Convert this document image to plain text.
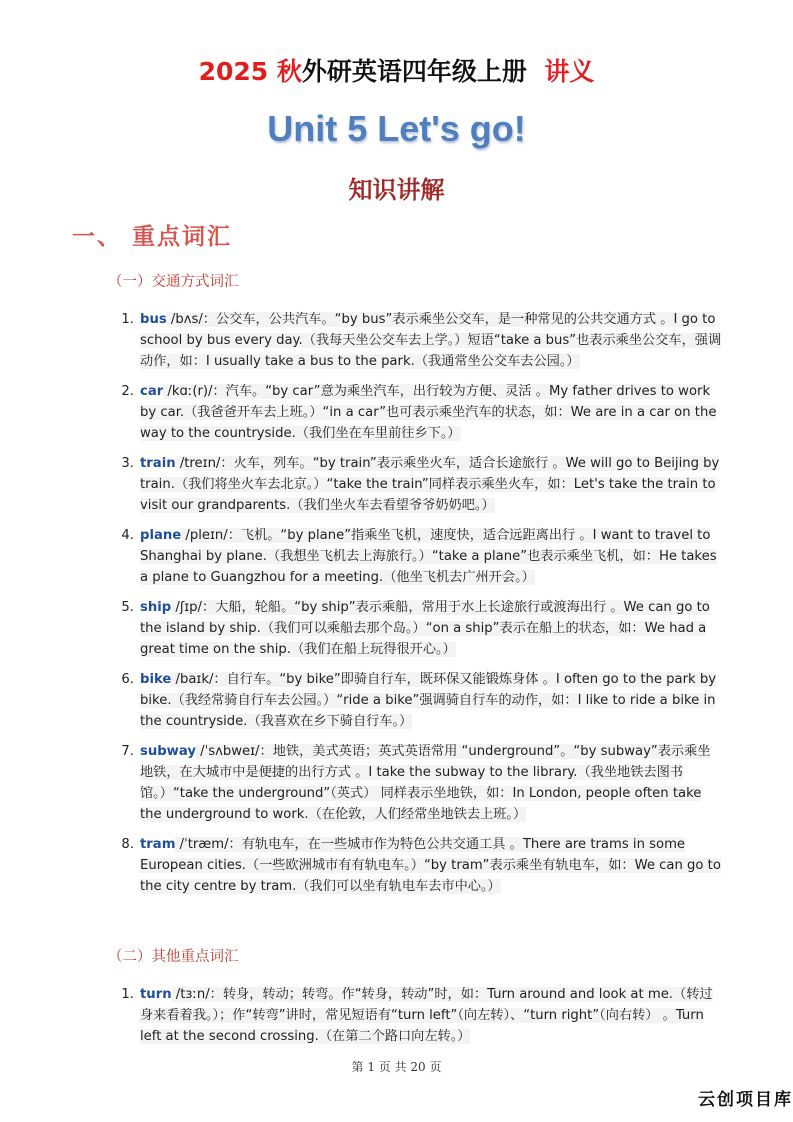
2025 秋外研英语四年级上册 讲义
Unit 5 Let's go!
知识讲解
一、 重点词汇
（一）交通方式词汇
1. bus /bʌs/：公交车，公共汽车。“by bus”表示乘坐公交车，是一种常见的公共交通方式 。I go to school by bus every day.（我每天坐公交车去上学。）短语“take a bus”也表示乘坐公交车，强调动作，如：I usually take a bus to the park.（我通常坐公交车去公园。）
2. car /kɑː(r)/：汽车。“by car”意为乘坐汽车，出行较为方便、灵活 。My father drives to work by car.（我爸爸开车去上班。）“in a car”也可表示乘坐汽车的状态，如：We are in a car on the way to the countryside.（我们坐在车里前往乡下。）
3. train /treɪn/：火车，列车。“by train”表示乘坐火车，适合长途旅行 。We will go to Beijing by train.（我们将坐火车去北京。）“take the train”同样表示乘坐火车，如：Let's take the train to visit our grandparents.（我们坐火车去看望爷爷奶奶吧。）
4. plane /pleɪn/：飞机。“by plane”指乘坐飞机，速度快，适合远距离出行 。I want to travel to Shanghai by plane.（我想坐飞机去上海旅行。）“take a plane”也表示乘坐飞机，如：He takes a plane to Guangzhou for a meeting.（他坐飞机去广州开会。）
5. ship /ʃɪp/：大船，轮船。“by ship”表示乘船，常用于水上长途旅行或渡海出行 。We can go to the island by ship.（我们可以乘船去那个岛。）“on a ship”表示在船上的状态，如：We had a great time on the ship.（我们在船上玩得很开心。）
6. bike /baɪk/：自行车。“by bike”即骑自行车，既环保又能锻炼身体 。I often go to the park by bike.（我经常骑自行车去公园。）“ride a bike”强调骑自行车的动作，如：I like to ride a bike in the countryside.（我喜欢在乡下骑自行车。）
7. subway /ˈsʌbweɪ/：地铁，美式英语；英式英语常用 “underground”。“by subway”表示乘坐地铁，在大城市中是便捷的出行方式 。I take the subway to the library.（我坐地铁去图书馆。）“take the underground”（英式） 同样表示坐地铁，如：In London, people often take the underground to work.（在伦敦，人们经常坐地铁去上班。）
8. tram /ˈtræm/：有轨电车，在一些城市作为特色公共交通工具 。There are trams in some European cities.（一些欧洲城市有有轨电车。）“by tram”表示乘坐有轨电车，如：We can go to the city centre by tram.（我们可以坐有轨电车去市中心。）
（二）其他重点词汇
1. turn /tɜːn/：转身，转动；转弯。作“转身，转动”时，如：Turn around and look at me.（转过身来看着我。）；作“转弯”讲时，常见短语有“turn left”（向左转）、“turn right”（向右转） 。Turn left at the second crossing.（在第二个路口向左转。）
第 1 页 共 20 页
云创项目库
